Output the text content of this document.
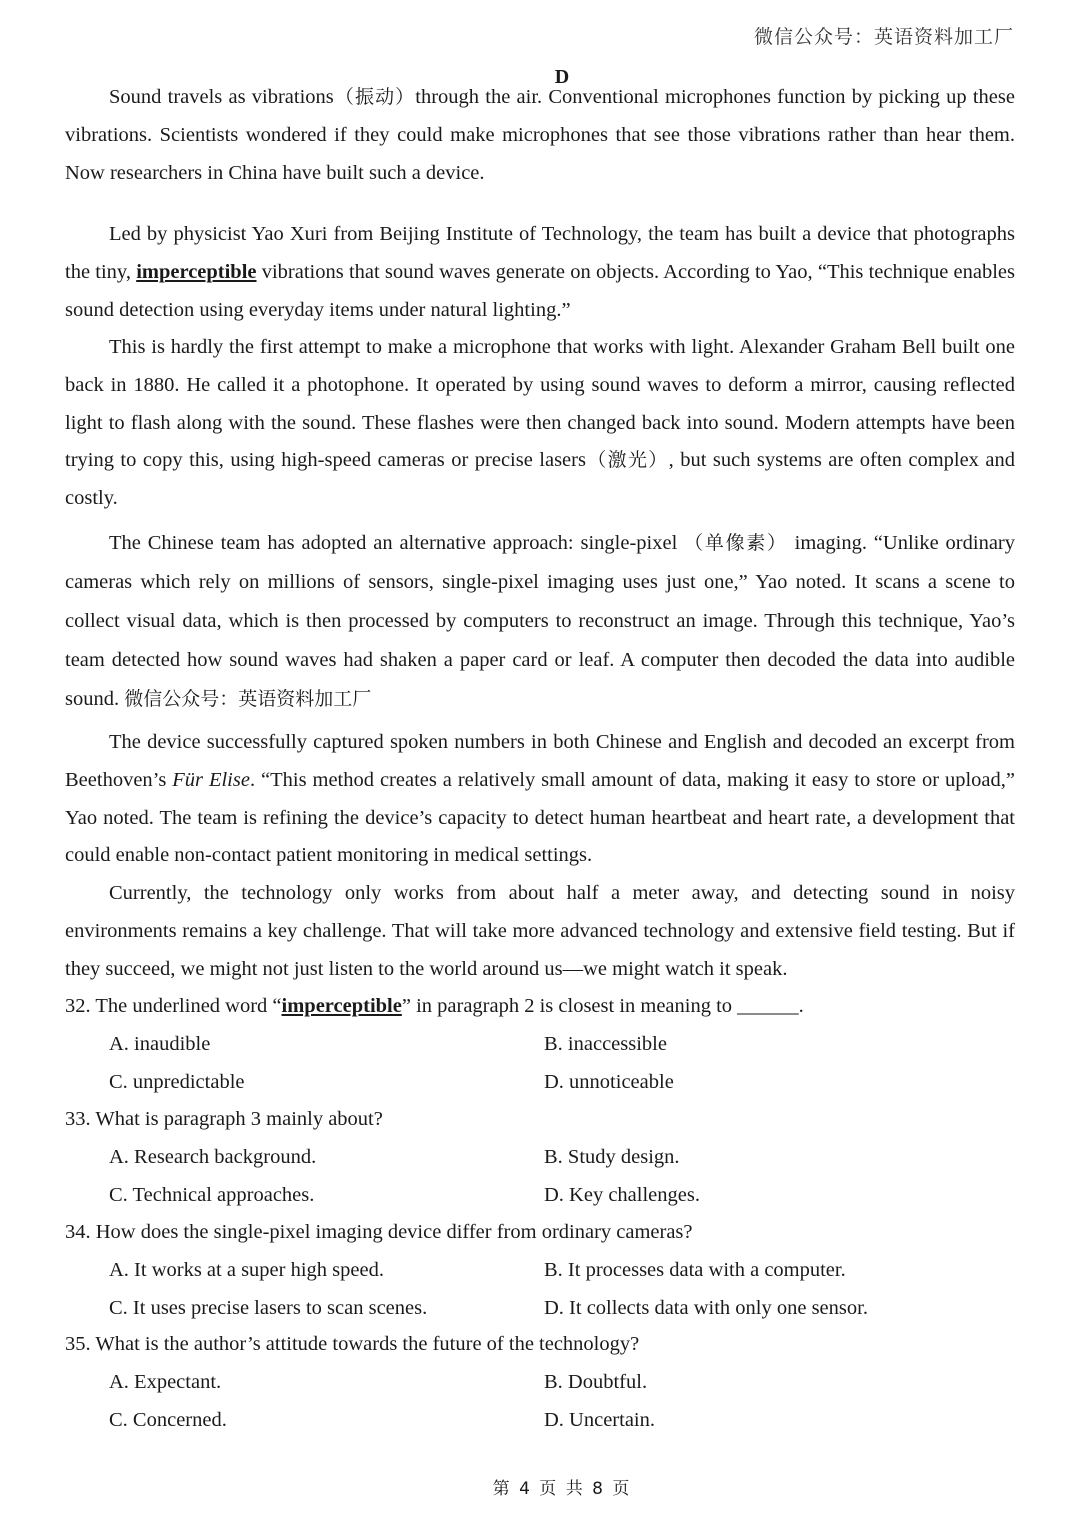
微信公众号：英语资料加工厂
D

Sound travels as vibrations（振动）through the air. Conventional microphones function by picking up these vibrations. Scientists wondered if they could make microphones that see those vibrations rather than hear them. Now researchers in China have built such a device.

Led by physicist Yao Xuri from Beijing Institute of Technology, the team has built a device that photographs the tiny, imperceptible vibrations that sound waves generate on objects. According to Yao, “This technique enables sound detection using everyday items under natural lighting.”

This is hardly the first attempt to make a microphone that works with light. Alexander Graham Bell built one back in 1880. He called it a photophone. It operated by using sound waves to deform a mirror, causing reflected light to flash along with the sound. These flashes were then changed back into sound. Modern attempts have been trying to copy this, using high-speed cameras or precise lasers（激光）, but such systems are often complex and costly.

The Chinese team has adopted an alternative approach: single-pixel （单像素） imaging. “Unlike ordinary cameras which rely on millions of sensors, single-pixel imaging uses just one,” Yao noted. It scans a scene to collect visual data, which is then processed by computers to reconstruct an image. Through this technique, Yao’s team detected how sound waves had shaken a paper card or leaf. A computer then decoded the data into audible sound. 微信公众号：英语资料加工厂

The device successfully captured spoken numbers in both Chinese and English and decoded an excerpt from Beethoven’s Für Elise. “This method creates a relatively small amount of data, making it easy to store or upload,” Yao noted. The team is refining the device’s capacity to detect human heartbeat and heart rate, a development that could enable non-contact patient monitoring in medical settings.

Currently, the technology only works from about half a meter away, and detecting sound in noisy environments remains a key challenge. That will take more advanced technology and extensive field testing. But if they succeed, we might not just listen to the world around us—we might watch it speak.

32. The underlined word “imperceptible” in paragraph 2 is closest in meaning to ______.
A. inaudible	B. inaccessible
C. unpredictable	D. unnoticeable
33. What is paragraph 3 mainly about?
A. Research background.	B. Study design.
C. Technical approaches.	D. Key challenges.
34. How does the single-pixel imaging device differ from ordinary cameras?
A. It works at a super high speed.	B. It processes data with a computer.
C. It uses precise lasers to scan scenes.	D. It collects data with only one sensor.
35. What is the author’s attitude towards the future of the technology?
A. Expectant.	B. Doubtful.
C. Concerned.	D. Uncertain.
第 4 页 共 8 页
